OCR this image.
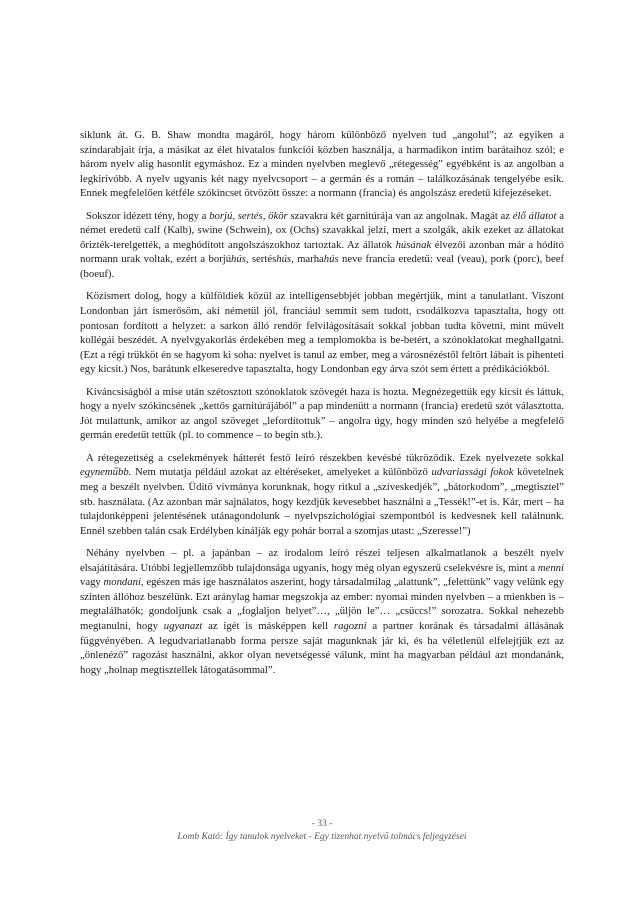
siklunk át. G. B. Shaw mondta magáról, hogy három különböző nyelven tud „angolul”; az egyiken a színdarabjait írja, a másikat az élet hivatalos funkciói közben használja, a harmadikon intim barátaihoz szól; e három nyelv alig hasonlít egymáshoz. Ez a minden nyelvben meglevő „rétegesség” egyébként is az angolban a legkirívóbb. A nyelv ugyanis két nagy nyelvcsoport – a germán és a román – találkozásának tengelyébe esik. Ennek megfelelően kétféle szókincset ötvözött össze: a normann (francia) és angolszász eredetű kifejezéseket.

Sokszor idézett tény, hogy a borjú, sertés, ökör szavakra két garnitúrája van az angolnak. Magát az élő állatot a német eredetű calf (Kalb), swine (Schwein), ox (Ochs) szavakkal jelzi, mert a szolgák, akik ezeket az állatokat őrizték-terelgették, a meghódított angolszászokhoz tartoztak. Az állatok húsának élvezői azonban már a hódító normann urak voltak, ezért a borjúhús, sertéshús, marhahús neve francia eredetű: veal (veau), pork (porc), beef (boeuf).

Közismert dolog, hogy a külföldiek közül az intelligensebbjét jobban megértjük, mint a tanulatlant. Viszont Londonban járt ismerősöm, aki németül jól, franciául semmit sem tudott, csodálkozva tapasztalta, hogy ott pontosan fordított a helyzet: a sarkon álló rendőr felvilágosításait sokkal jobban tudta követni, mint művelt kollégái beszédét. A nyelvgyakorlás érdekében meg a templomokba is be-betért, a szónoklatokat meghallgatni. (Ezt a régi trükköt én se hagyom ki soha: nyelvet is tanul az ember, meg a városnézéstől feltört lábait is pihenteti egy kicsit.) Nos, barátunk elkeseredve tapasztalta, hogy Londonban egy árva szót sem értett a prédikációkból.

Kíváncsiságból a mise után szétosztott szónoklatok szövegét haza is hozta. Megnézegettük egy kicsit és láttuk, hogy a nyelv szókincsének „kettős garnitúrájából” a pap mindenütt a normann (francia) eredetű szót választotta. Jót mulattunk, amikor az angol szöveget „lefordítottuk” – angolra úgy, hogy minden szó helyébe a megfelelő germán eredetűt tettük (pl. to commence – to begin stb.).

A rétegezettség a cselekmények hátterét festő leíró részekben kevésbé tükröződik. Ezek nyelvezete sokkal egyneműbb. Nem mutatja például azokat az eltéréseket, amelyeket a különböző udvariassági fokok követelnek meg a beszélt nyelvben. Üdítő vívmánya korunknak, hogy ritkul a „szíveskedjék”, „bátorkodom”, „megtisztel” stb. használata. (Az azonban már sajnálatos, hogy kezdjük kevesebbet használni a „Tessék!”-et is. Kár, mert – ha tulajdonképpeni jelentésének utánagondolunk – nyelvpszichológiai szempontból is kedvesnek kell találnunk. Ennél szebben talán csak Erdélyben kínálják egy pohár borral a szomjas utast: „Szeresse!”)

Néhány nyelvben – pl. a japánban – az irodalom leíró részei teljesen alkalmatlanok a beszélt nyelv elsajátítására. Utóbbi legjellemzőbb tulajdonsága ugyanis, hogy még olyan egyszerű cselekvésre is, mint a menni vagy mondani, egészen más ige használatos aszerint, hogy társadalmilag „alattunk”, „felettünk” vagy velünk egy szinten állóhoz beszélünk. Ezt aránylag hamar megszokja az ember: nyomai minden nyelvben – a mienkben is – megtalálhatók; gondoljunk csak a „foglaljon helyet”…, „üljön le”… „csüccs!” sorozatra. Sokkal nehezebb megtanulni, hogy ugyanazt az igét is másképpen kell ragozni a partner korának és társadalmi állásának függvényében. A legudvariatlanabb forma persze saját magunknak jár ki, és ha véletlenül elfelejtjük ezt az „önlenéző” ragozást használni, akkor olyan nevetségessé válunk, mint ha magyarban például azt mondanánk, hogy „holnap megtisztellek látogatásommal”.

- 33 -
Lomb Kató: Így tanulok nyelveket - Egy tizenhat nyelvű tolmács feljegyzései
